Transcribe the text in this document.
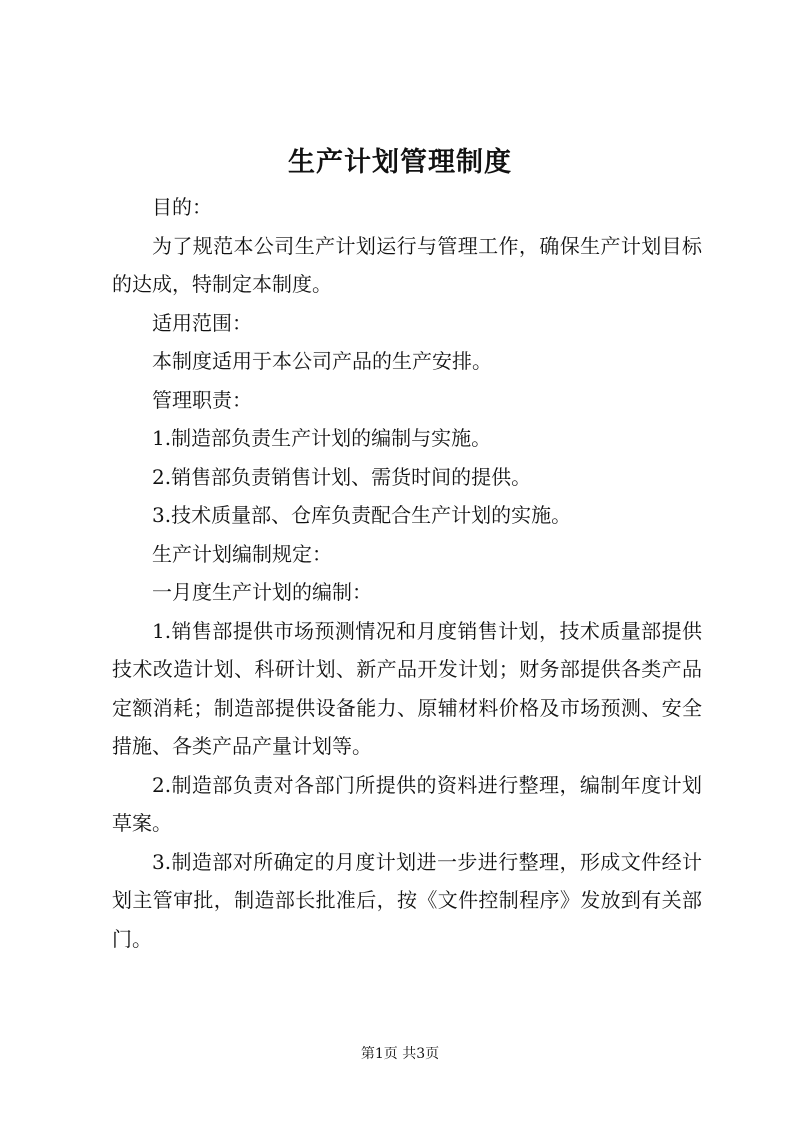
生产计划管理制度

目的：

为了规范本公司生产计划运行与管理工作，确保生产计划目标的达成，特制定本制度。

适用范围：

本制度适用于本公司产品的生产安排。

管理职责：

1.制造部负责生产计划的编制与实施。

2.销售部负责销售计划、需货时间的提供。

3.技术质量部、仓库负责配合生产计划的实施。

生产计划编制规定：

一月度生产计划的编制：

1.销售部提供市场预测情况和月度销售计划，技术质量部提供技术改造计划、科研计划、新产品开发计划；财务部提供各类产品定额消耗；制造部提供设备能力、原辅材料价格及市场预测、安全措施、各类产品产量计划等。

2.制造部负责对各部门所提供的资料进行整理，编制年度计划草案。

3.制造部对所确定的月度计划进一步进行整理，形成文件经计划主管审批，制造部长批准后，按《文件控制程序》发放到有关部门。

第1页 共3页
